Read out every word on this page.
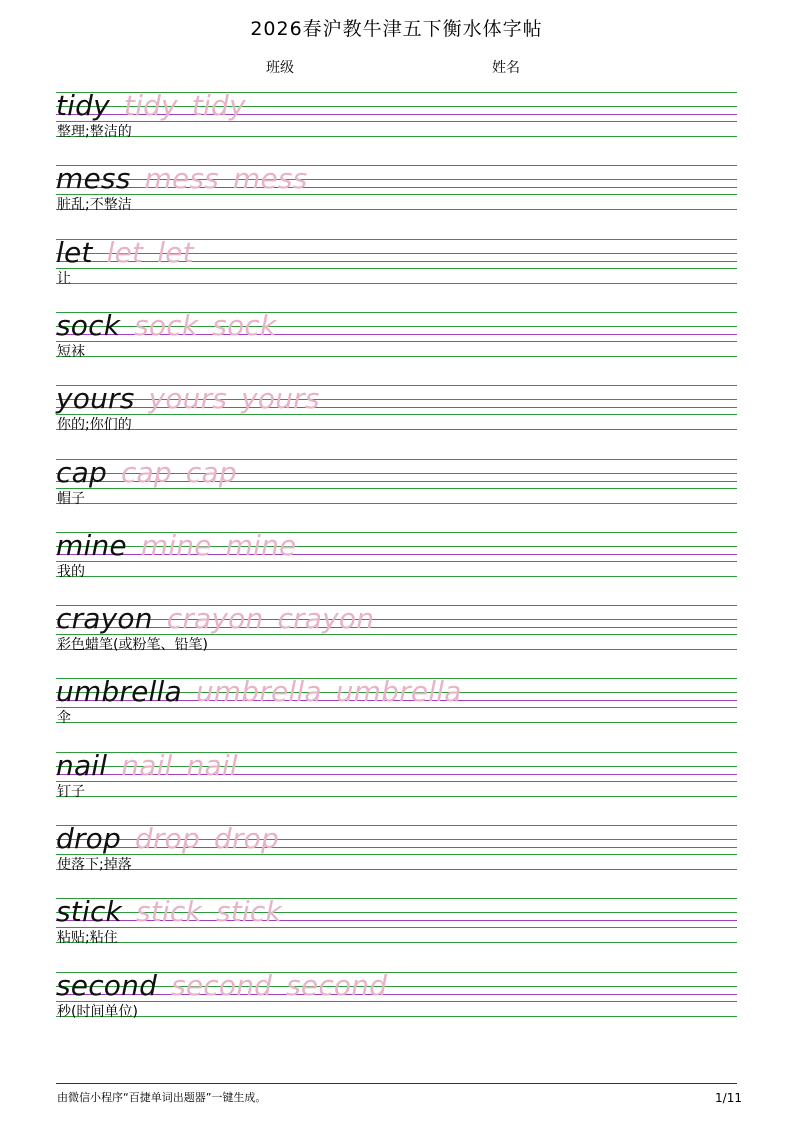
2026春沪教牛津五下衡水体字帖
班级	姓名
tidy tidy tidy
整理;整洁的
mess mess mess
脏乱;不整洁
let let let
让
sock sock sock
短袜
yours yours yours
你的;你们的
cap cap cap
帽子
mine mine mine
我的
crayon crayon crayon
彩色蜡笔(或粉笔、铅笔)
umbrella umbrella umbrella
伞
nail nail nail
钉子
drop drop drop
使落下;掉落
stick stick stick
粘贴;粘住
second second second
秒(时间单位)
由微信小程序“百捷单词出题器”一键生成。	1/11
